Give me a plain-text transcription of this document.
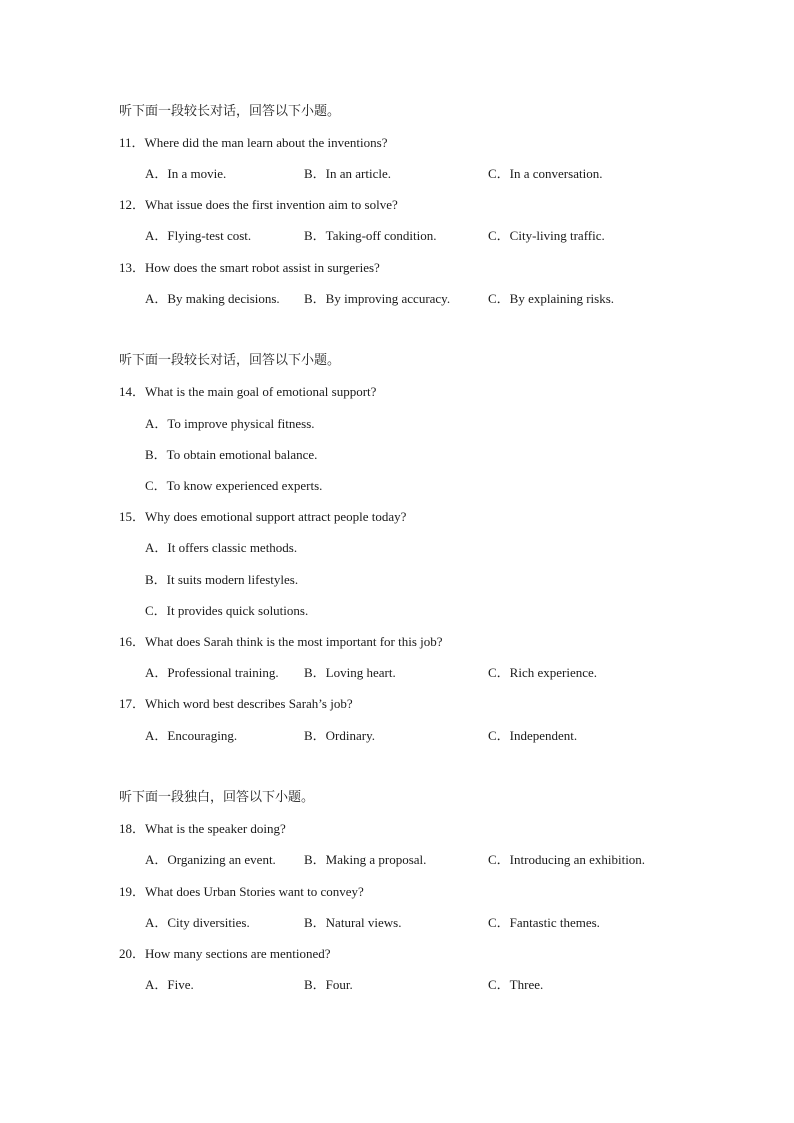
听下面一段较长对话，回答以下小题。
11．Where did the man learn about the inventions?
A．In a movie.	B．In an article.	C．In a conversation.
12．What issue does the first invention aim to solve?
A．Flying-test cost.	B．Taking-off condition.	C．City-living traffic.
13．How does the smart robot assist in surgeries?
A．By making decisions. B．By improving accuracy.	C．By explaining risks.
听下面一段较长对话，回答以下小题。
14．What is the main goal of emotional support?
A．To improve physical fitness.
B．To obtain emotional balance.
C．To know experienced experts.
15．Why does emotional support attract people today?
A．It offers classic methods.
B．It suits modern lifestyles.
C．It provides quick solutions.
16．What does Sarah think is the most important for this job?
A．Professional training. B．Loving heart.	C．Rich experience.
17．Which word best describes Sarah’s job?
A．Encouraging.	B．Ordinary.	C．Independent.
听下面一段独白，回答以下小题。
18．What is the speaker doing?
A．Organizing an event. B．Making a proposal.	C．Introducing an exhibition.
19．What does Urban Stories want to convey?
A．City diversities.	B．Natural views.	C．Fantastic themes.
20．How many sections are mentioned?
A．Five.	B．Four.	C．Three.
